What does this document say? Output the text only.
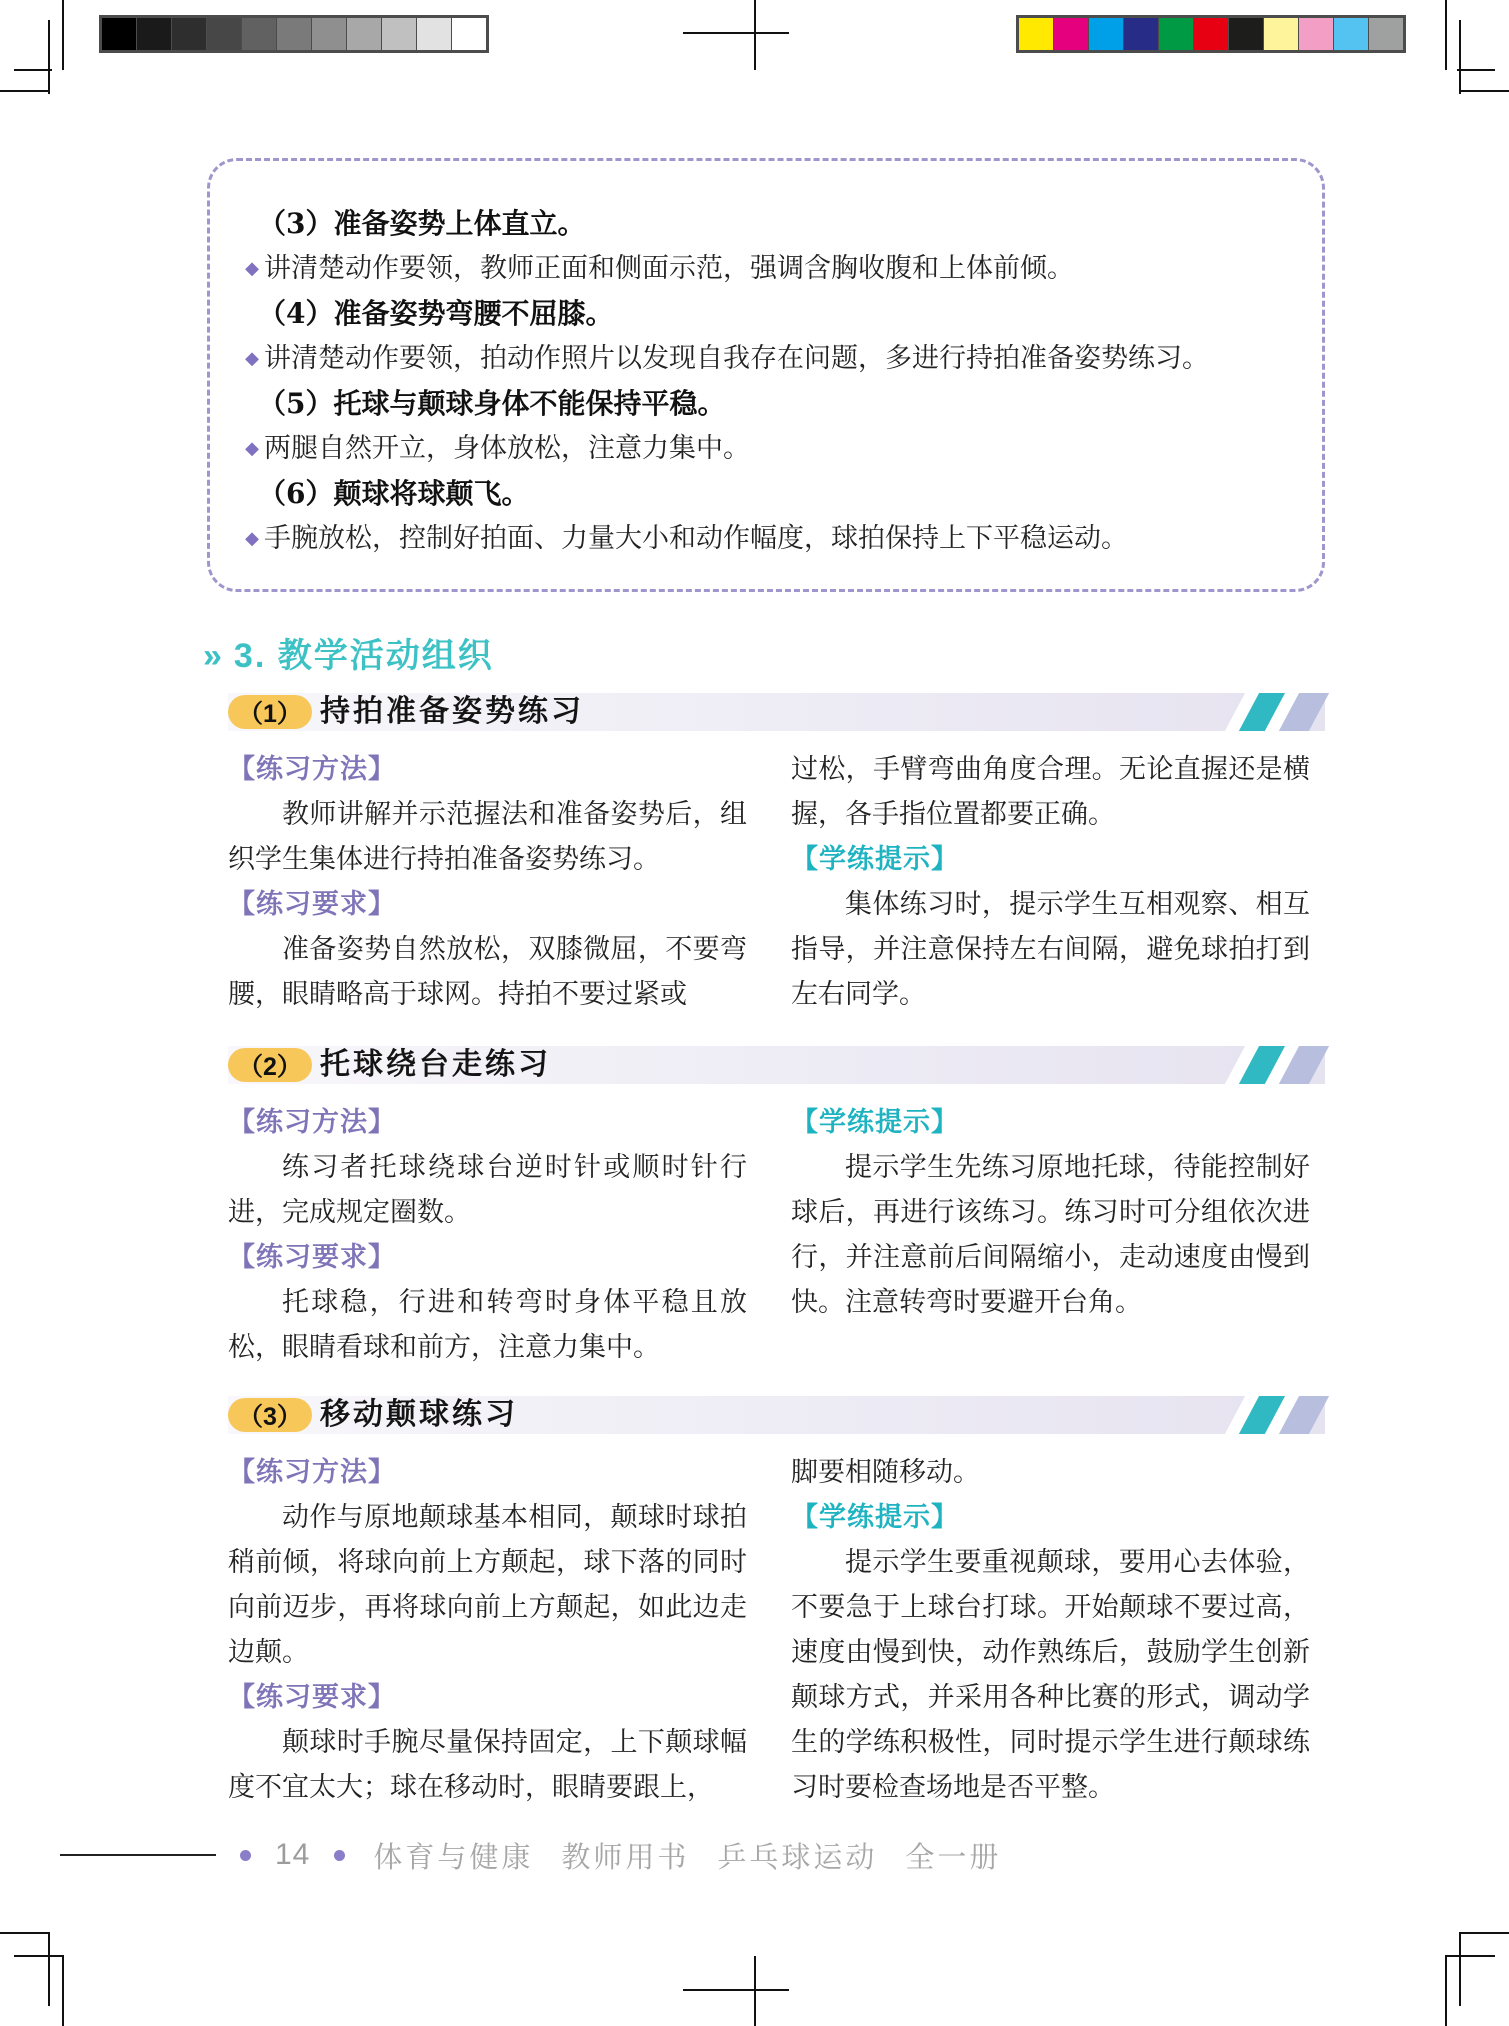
（3）准备姿势上体直立。
◆ 讲清楚动作要领，教师正面和侧面示范，强调含胸收腹和上体前倾。
（4）准备姿势弯腰不屈膝。
◆ 讲清楚动作要领，拍动作照片以发现自我存在问题，多进行持拍准备姿势练习。
（5）托球与颠球身体不能保持平稳。
◆ 两腿自然开立，身体放松，注意力集中。
（6）颠球将球颠飞。
◆ 手腕放松，控制好拍面、力量大小和动作幅度，球拍保持上下平稳运动。
» 3. 教学活动组织
（1） 持拍准备姿势练习
【练习方法】

教师讲解并示范握法和准备姿势后，组织学生集体进行持拍准备姿势练习。

【练习要求】

准备姿势自然放松，双膝微屈，不要弯腰，眼睛略高于球网。持拍不要过紧或

过松，手臂弯曲角度合理。无论直握还是横握，各手指位置都要正确。

【学练提示】

集体练习时，提示学生互相观察、相互指导，并注意保持左右间隔，避免球拍打到左右同学。

（2） 托球绕台走练习
【练习方法】

练习者托球绕球台逆时针或顺时针行进，完成规定圈数。

【练习要求】

托球稳，行进和转弯时身体平稳且放松，眼睛看球和前方，注意力集中。

【学练提示】

提示学生先练习原地托球，待能控制好球后，再进行该练习。练习时可分组依次进行，并注意前后间隔缩小，走动速度由慢到快。注意转弯时要避开台角。

（3） 移动颠球练习
【练习方法】

动作与原地颠球基本相同，颠球时球拍稍前倾，将球向前上方颠起，球下落的同时向前迈步，再将球向前上方颠起，如此边走边颠。

【练习要求】

颠球时手腕尽量保持固定，上下颠球幅度不宜太大；球在移动时，眼睛要跟上，

脚要相随移动。

【学练提示】

提示学生要重视颠球，要用心去体验，不要急于上球台打球。开始颠球不要过高，速度由慢到快，动作熟练后，鼓励学生创新颠球方式，并采用各种比赛的形式，调动学生的学练积极性，同时提示学生进行颠球练习时要检查场地是否平整。

14 体育与健康 教师用书 乒乓球运动 全一册
